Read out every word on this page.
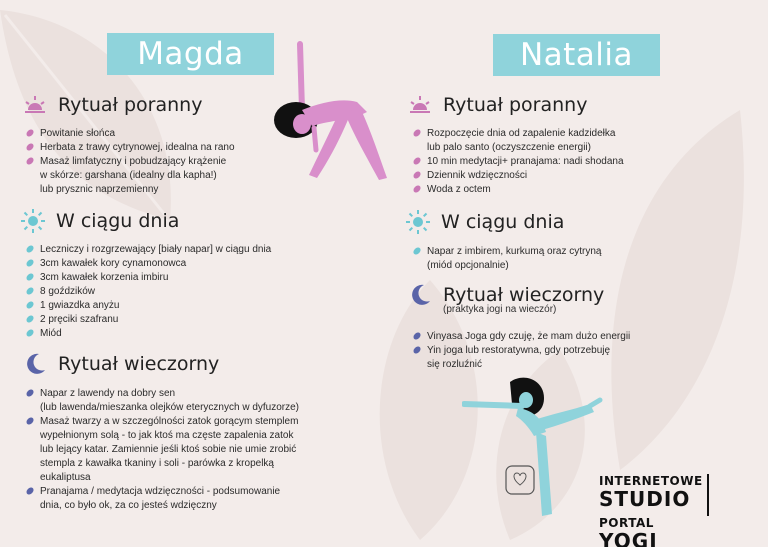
Magda
Rytuał poranny
Powitanie słońca
Herbata z trawy cytrynowej, idealna na rano
Masaż limfatyczny i pobudzający krążenie
w skórze: garshana (idealny dla kapha!)
lub prysznic naprzemienny
W ciągu dnia
Leczniczy i rozgrzewający [biały napar] w ciągu dnia
3cm kawałek kory cynamonowca
3cm kawałek korzenia imbiru
8 goździków
1 gwiazdka anyżu
2 pręciki szafranu
Miód
Rytuał wieczorny
Napar z lawendy na dobry sen
(lub lawenda/mieszanka olejków eterycznych w dyfuzorze)
Masaż twarzy a w szczególności zatok gorącym stemplem
wypełnionym solą - to jak ktoś ma częste zapalenia zatok
lub lejący katar. Zamiennie jeśli ktoś sobie nie umie zrobić
stempla z kawałka tkaniny i soli - parówka z kropelką
eukaliptusa
Pranajama / medytacja wdzięczności - podsumowanie
dnia, co było ok, za co jesteś wdzięczny
Natalia
Rytuał poranny
Rozpoczęcie dnia od zapalenie kadzidełka
lub palo santo (oczyszczenie energii)
10 min medytacji+ pranajama: nadi shodana
Dziennik wdzięczności
Woda z octem
W ciągu dnia
Napar z imbirem, kurkumą oraz cytryną
(miód opcjonalnie)
Rytuał wieczorny
(praktyka jogi na wieczór)
Vinyasa Joga gdy czuję, że mam dużo energii
Yin joga lub restoratywna, gdy potrzebuję
się rozluźnić
INTERNETOWE
STUDIO
PORTAL
YOGI
